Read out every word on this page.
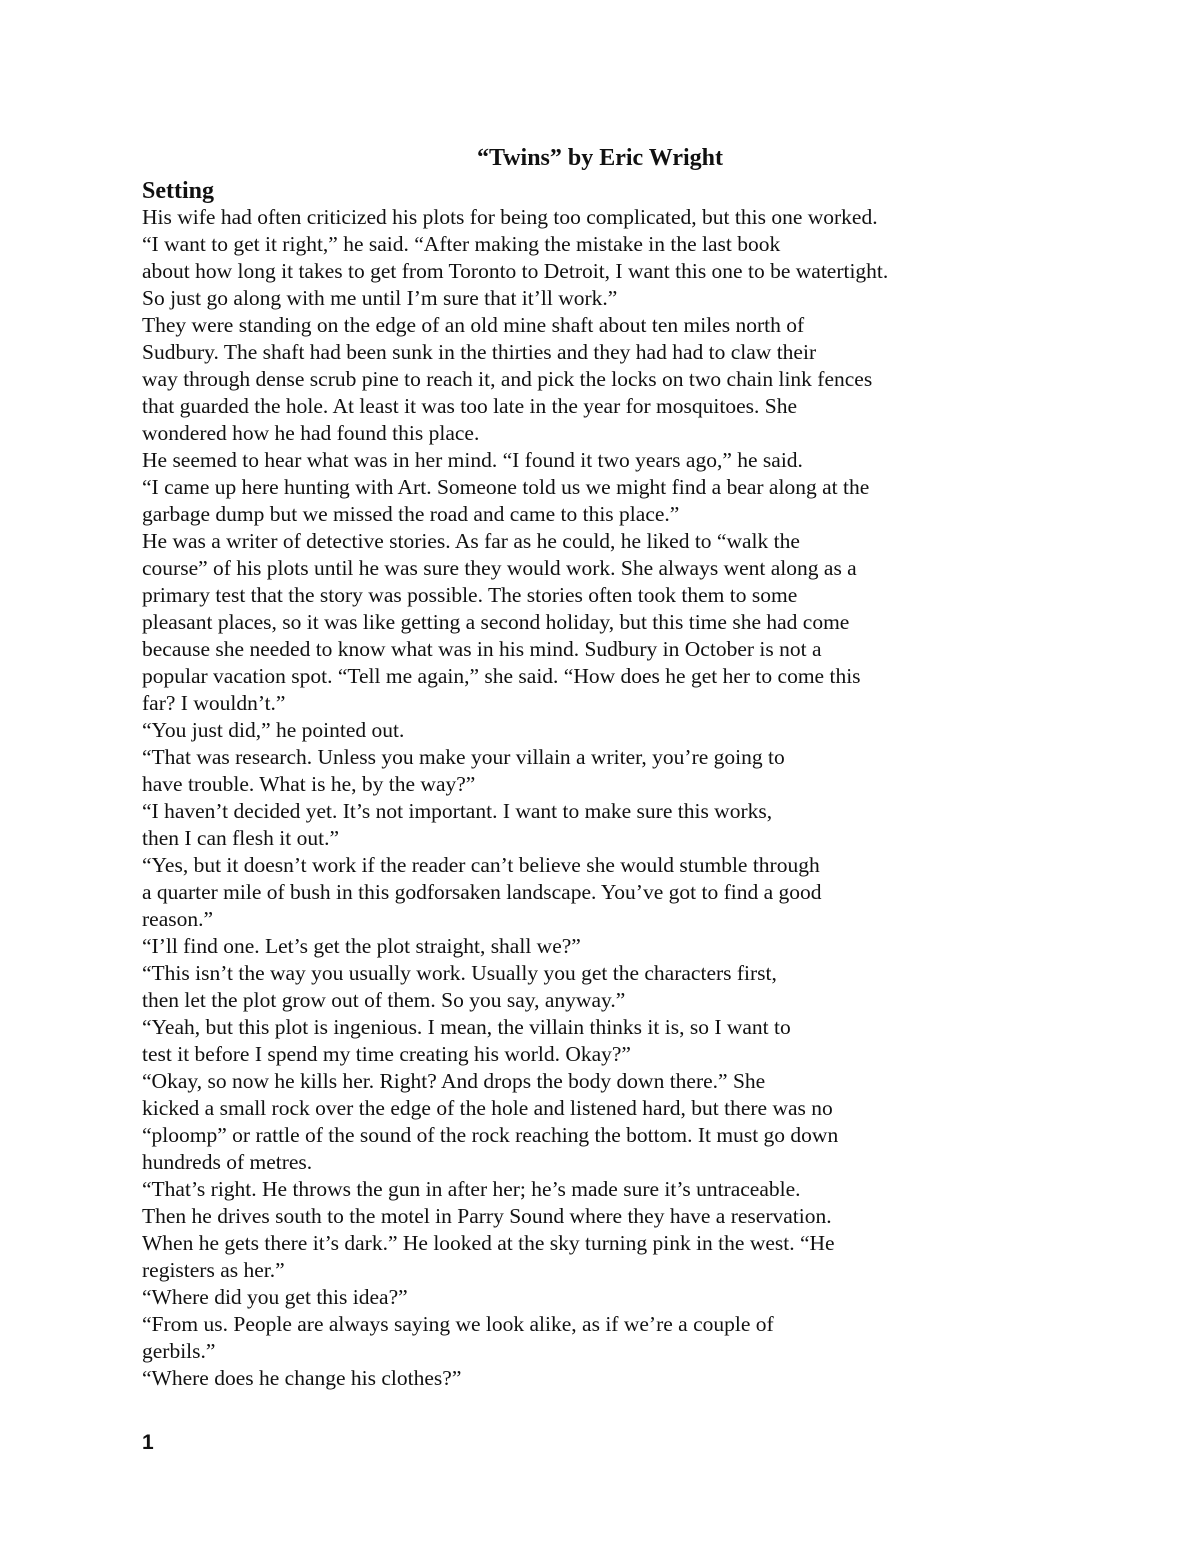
“Twins” by Eric Wright
Setting
His wife had often criticized his plots for being too complicated, but this one worked.
“I want to get it right,” he said. “After making the mistake in the last book
about how long it takes to get from Toronto to Detroit, I want this one to be watertight.
So just go along with me until I’m sure that it’ll work.”
They were standing on the edge of an old mine shaft about ten miles north of
Sudbury. The shaft had been sunk in the thirties and they had had to claw their
way through dense scrub pine to reach it, and pick the locks on two chain link fences
that guarded the hole. At least it was too late in the year for mosquitoes. She
wondered how he had found this place.
He seemed to hear what was in her mind. “I found it two years ago,” he said.
“I came up here hunting with Art. Someone told us we might find a bear along at the
garbage dump but we missed the road and came to this place.”
He was a writer of detective stories. As far as he could, he liked to “walk the
course” of his plots until he was sure they would work. She always went along as a
primary test that the story was possible. The stories often took them to some
pleasant places, so it was like getting a second holiday, but this time she had come
because she needed to know what was in his mind. Sudbury in October is not a
popular vacation spot. “Tell me again,” she said. “How does he get her to come this
far? I wouldn’t.”
“You just did,” he pointed out.
“That was research. Unless you make your villain a writer, you’re going to
have trouble. What is he, by the way?”
“I haven’t decided yet. It’s not important. I want to make sure this works,
then I can flesh it out.”
“Yes, but it doesn’t work if the reader can’t believe she would stumble through
a quarter mile of bush in this godforsaken landscape. You’ve got to find a good
reason.”
“I’ll find one. Let’s get the plot straight, shall we?”
“This isn’t the way you usually work. Usually you get the characters first,
then let the plot grow out of them. So you say, anyway.”
“Yeah, but this plot is ingenious. I mean, the villain thinks it is, so I want to
test it before I spend my time creating his world. Okay?”
“Okay, so now he kills her. Right? And drops the body down there.” She
kicked a small rock over the edge of the hole and listened hard, but there was no
“ploomp” or rattle of the sound of the rock reaching the bottom. It must go down
hundreds of metres.
“That’s right. He throws the gun in after her; he’s made sure it’s untraceable.
Then he drives south to the motel in Parry Sound where they have a reservation.
When he gets there it’s dark.” He looked at the sky turning pink in the west. “He
registers as her.”
“Where did you get this idea?”
“From us. People are always saying we look alike, as if we’re a couple of
gerbils.”
“Where does he change his clothes?”
1
